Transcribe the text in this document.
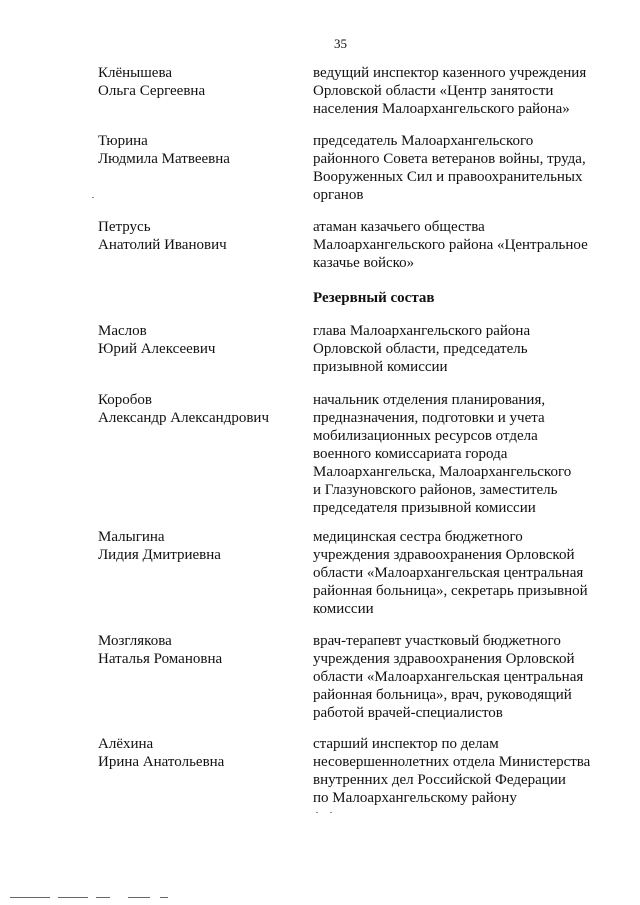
35
Клёнышева
Ольга Сергеевна
ведущий инспектор казенного учреждения
Орловской области «Центр занятости
населения Малоархангельского района»
Тюрина
Людмила Матвеевна
председатель Малоархангельского
районного Совета ветеранов войны, труда,
Вооруженных Сил и правоохранительных
органов
Петрусь
Анатолий Иванович
атаман казачьего общества
Малоархангельского района «Центральное
казачье войско»
Резервный состав
Маслов
Юрий Алексеевич
глава Малоархангельского района
Орловской области, председатель
призывной комиссии
Коробов
Александр Александрович
начальник отделения планирования,
предназначения, подготовки и учета
мобилизационных ресурсов отдела
военного комиссариата города
Малоархангельска, Малоархангельского
и Глазуновского районов, заместитель
председателя призывной комиссии
Малыгина
Лидия Дмитриевна
медицинская сестра бюджетного
учреждения здравоохранения Орловской
области «Малоархангельская центральная
районная больница», секретарь призывной
комиссии
Мозглякова
Наталья Романовна
врач-терапевт участковый бюджетного
учреждения здравоохранения Орловской
области «Малоархангельская центральная
районная больница», врач, руководящий
работой врачей-специалистов
Алёхина
Ирина Анатольевна
старший инспектор по делам
несовершеннолетних отдела Министерства
внутренних дел Российской Федерации
по Малоархангельскому району
